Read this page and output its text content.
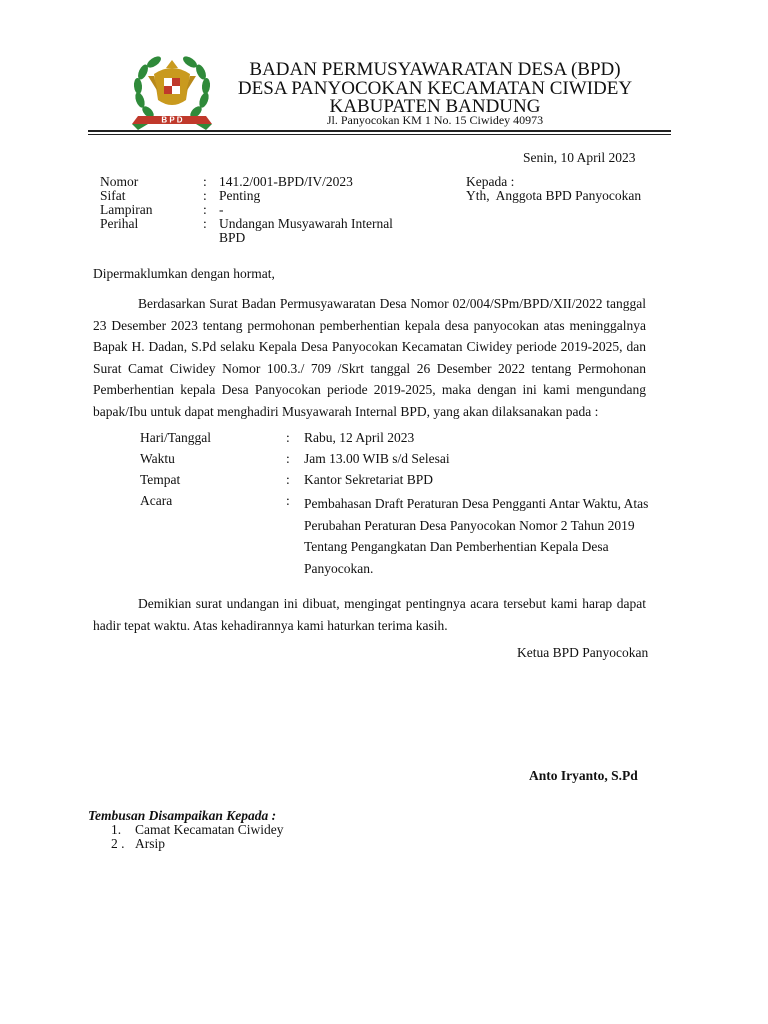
B P D
BADAN PERMUSYAWARATAN DESA (BPD)
DESA PANYOCOKAN KECAMATAN CIWIDEY
KABUPATEN BANDUNG
Jl. Panyocokan KM 1 No. 15 Ciwidey 40973
Senin, 10 April 2023
Nomor	: 141.2/001-BPD/IV/2023
Sifat	: Penting
Lampiran	: -
Perihal	: Undangan Musyawarah Internal
BPD
Kepada :
Yth,  Anggota BPD Panyocokan
Dipermaklumkan dengan hormat,
Berdasarkan Surat Badan Permusyawaratan Desa Nomor 02/004/SPm/BPD/XII/2022 tanggal 23 Desember 2023 tentang permohonan pemberhentian kepala desa panyocokan atas meninggalnya Bapak H. Dadan, S.Pd selaku Kepala Desa Panyocokan Kecamatan Ciwidey periode 2019-2025, dan Surat Camat Ciwidey Nomor 100.3./ 709 /Skrt tanggal 26 Desember 2022 tentang Permohonan Pemberhentian kepala Desa Panyocokan periode 2019-2025, maka dengan ini kami mengundang bapak/Ibu untuk dapat menghadiri Musyawarah Internal BPD, yang akan dilaksanakan pada :
Hari/Tanggal	: Rabu, 12 April 2023
Waktu	: Jam 13.00 WIB s/d Selesai
Tempat	: Kantor Sekretariat BPD
Acara	: Pembahasan Draft Peraturan Desa Pengganti Antar Waktu, Atas Perubahan Peraturan Desa Panyocokan Nomor 2 Tahun 2019 Tentang Pengangkatan Dan Pemberhentian Kepala Desa Panyocokan.
Demikian surat undangan ini dibuat, mengingat pentingnya acara tersebut kami harap dapat hadir tepat waktu. Atas kehadirannya kami haturkan terima kasih.
Ketua BPD Panyocokan
Anto Iryanto, S.Pd
Tembusan Disampaikan Kepada :
1. Camat Kecamatan Ciwidey
2 . Arsip
